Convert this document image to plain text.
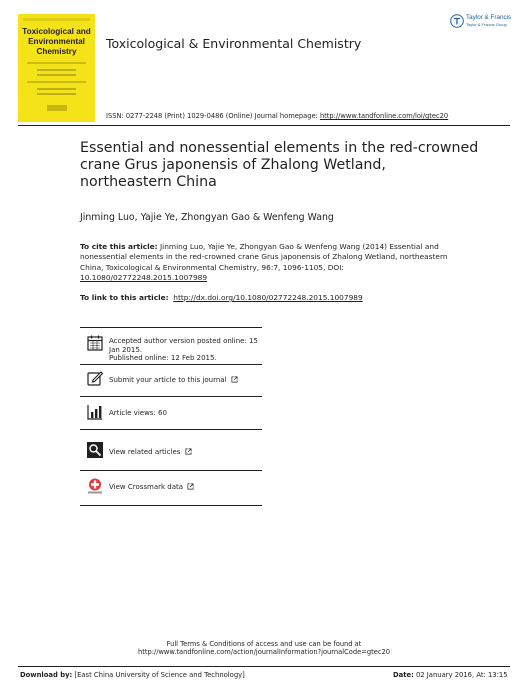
Toxicological and Environmental Chemistry
Toxicological & Environmental Chemistry
Taylor & Francis
Taylor & Francis Group
ISSN: 0277-2248 (Print) 1029-0486 (Online) Journal homepage: http://www.tandfonline.com/loi/gtec20
Essential and nonessential elements in the red-crowned crane Grus japonensis of Zhalong Wetland, northeastern China
Jinming Luo, Yajie Ye, Zhongyan Gao & Wenfeng Wang
To cite this article: Jinming Luo, Yajie Ye, Zhongyan Gao & Wenfeng Wang (2014) Essential and nonessential elements in the red-crowned crane Grus japonensis of Zhalong Wetland, northeastern China, Toxicological & Environmental Chemistry, 96:7, 1096-1105, DOI: 10.1080/02772248.2015.1007989
To link to this article: http://dx.doi.org/10.1080/02772248.2015.1007989
Accepted author version posted online: 15 Jan 2015.
Published online: 12 Feb 2015.
Submit your article to this journal
Article views: 60
View related articles
View Crossmark data
Full Terms & Conditions of access and use can be found at
http://www.tandfonline.com/action/journalInformation?journalCode=gtec20
Download by: [East China University of Science and Technology]	Date: 02 January 2016, At: 13:15
